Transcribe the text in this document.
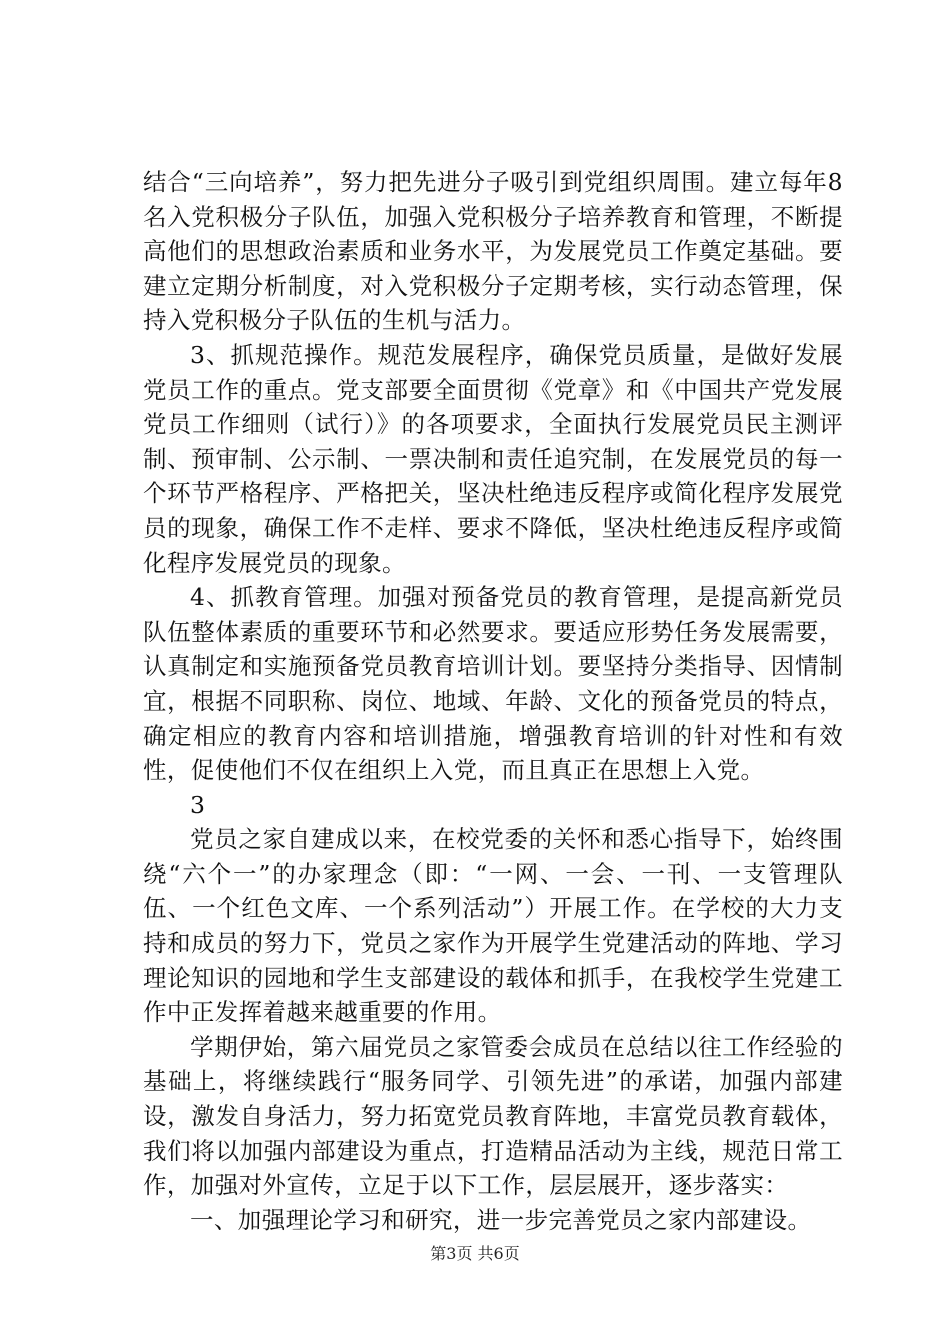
结合“三向培养”，努力把先进分子吸引到党组织周围。建立每年8名入党积极分子队伍，加强入党积极分子培养教育和管理，不断提高他们的思想政治素质和业务水平，为发展党员工作奠定基础。要建立定期分析制度，对入党积极分子定期考核，实行动态管理，保持入党积极分子队伍的生机与活力。

3、抓规范操作。规范发展程序，确保党员质量，是做好发展党员工作的重点。党支部要全面贯彻《党章》和《中国共产党发展党员工作细则（试行）》的各项要求，全面执行发展党员民主测评制、预审制、公示制、一票决制和责任追究制，在发展党员的每一个环节严格程序、严格把关，坚决杜绝违反程序或简化程序发展党员的现象，确保工作不走样、要求不降低，坚决杜绝违反程序或简化程序发展党员的现象。

4、抓教育管理。加强对预备党员的教育管理，是提高新党员队伍整体素质的重要环节和必然要求。要适应形势任务发展需要，认真制定和实施预备党员教育培训计划。要坚持分类指导、因情制宜，根据不同职称、岗位、地域、年龄、文化的预备党员的特点，确定相应的教育内容和培训措施，增强教育培训的针对性和有效性，促使他们不仅在组织上入党，而且真正在思想上入党。

3

党员之家自建成以来，在校党委的关怀和悉心指导下，始终围绕“六个一”的办家理念（即：“一网、一会、一刊、一支管理队伍、一个红色文库、一个系列活动”）开展工作。在学校的大力支持和成员的努力下，党员之家作为开展学生党建活动的阵地、学习理论知识的园地和学生支部建设的载体和抓手，在我校学生党建工作中正发挥着越来越重要的作用。

学期伊始，第六届党员之家管委会成员在总结以往工作经验的基础上，将继续践行“服务同学、引领先进”的承诺，加强内部建设，激发自身活力，努力拓宽党员教育阵地，丰富党员教育载体，我们将以加强内部建设为重点，打造精品活动为主线，规范日常工作，加强对外宣传，立足于以下工作，层层展开，逐步落实：

一、加强理论学习和研究，进一步完善党员之家内部建设。

第3页 共6页
